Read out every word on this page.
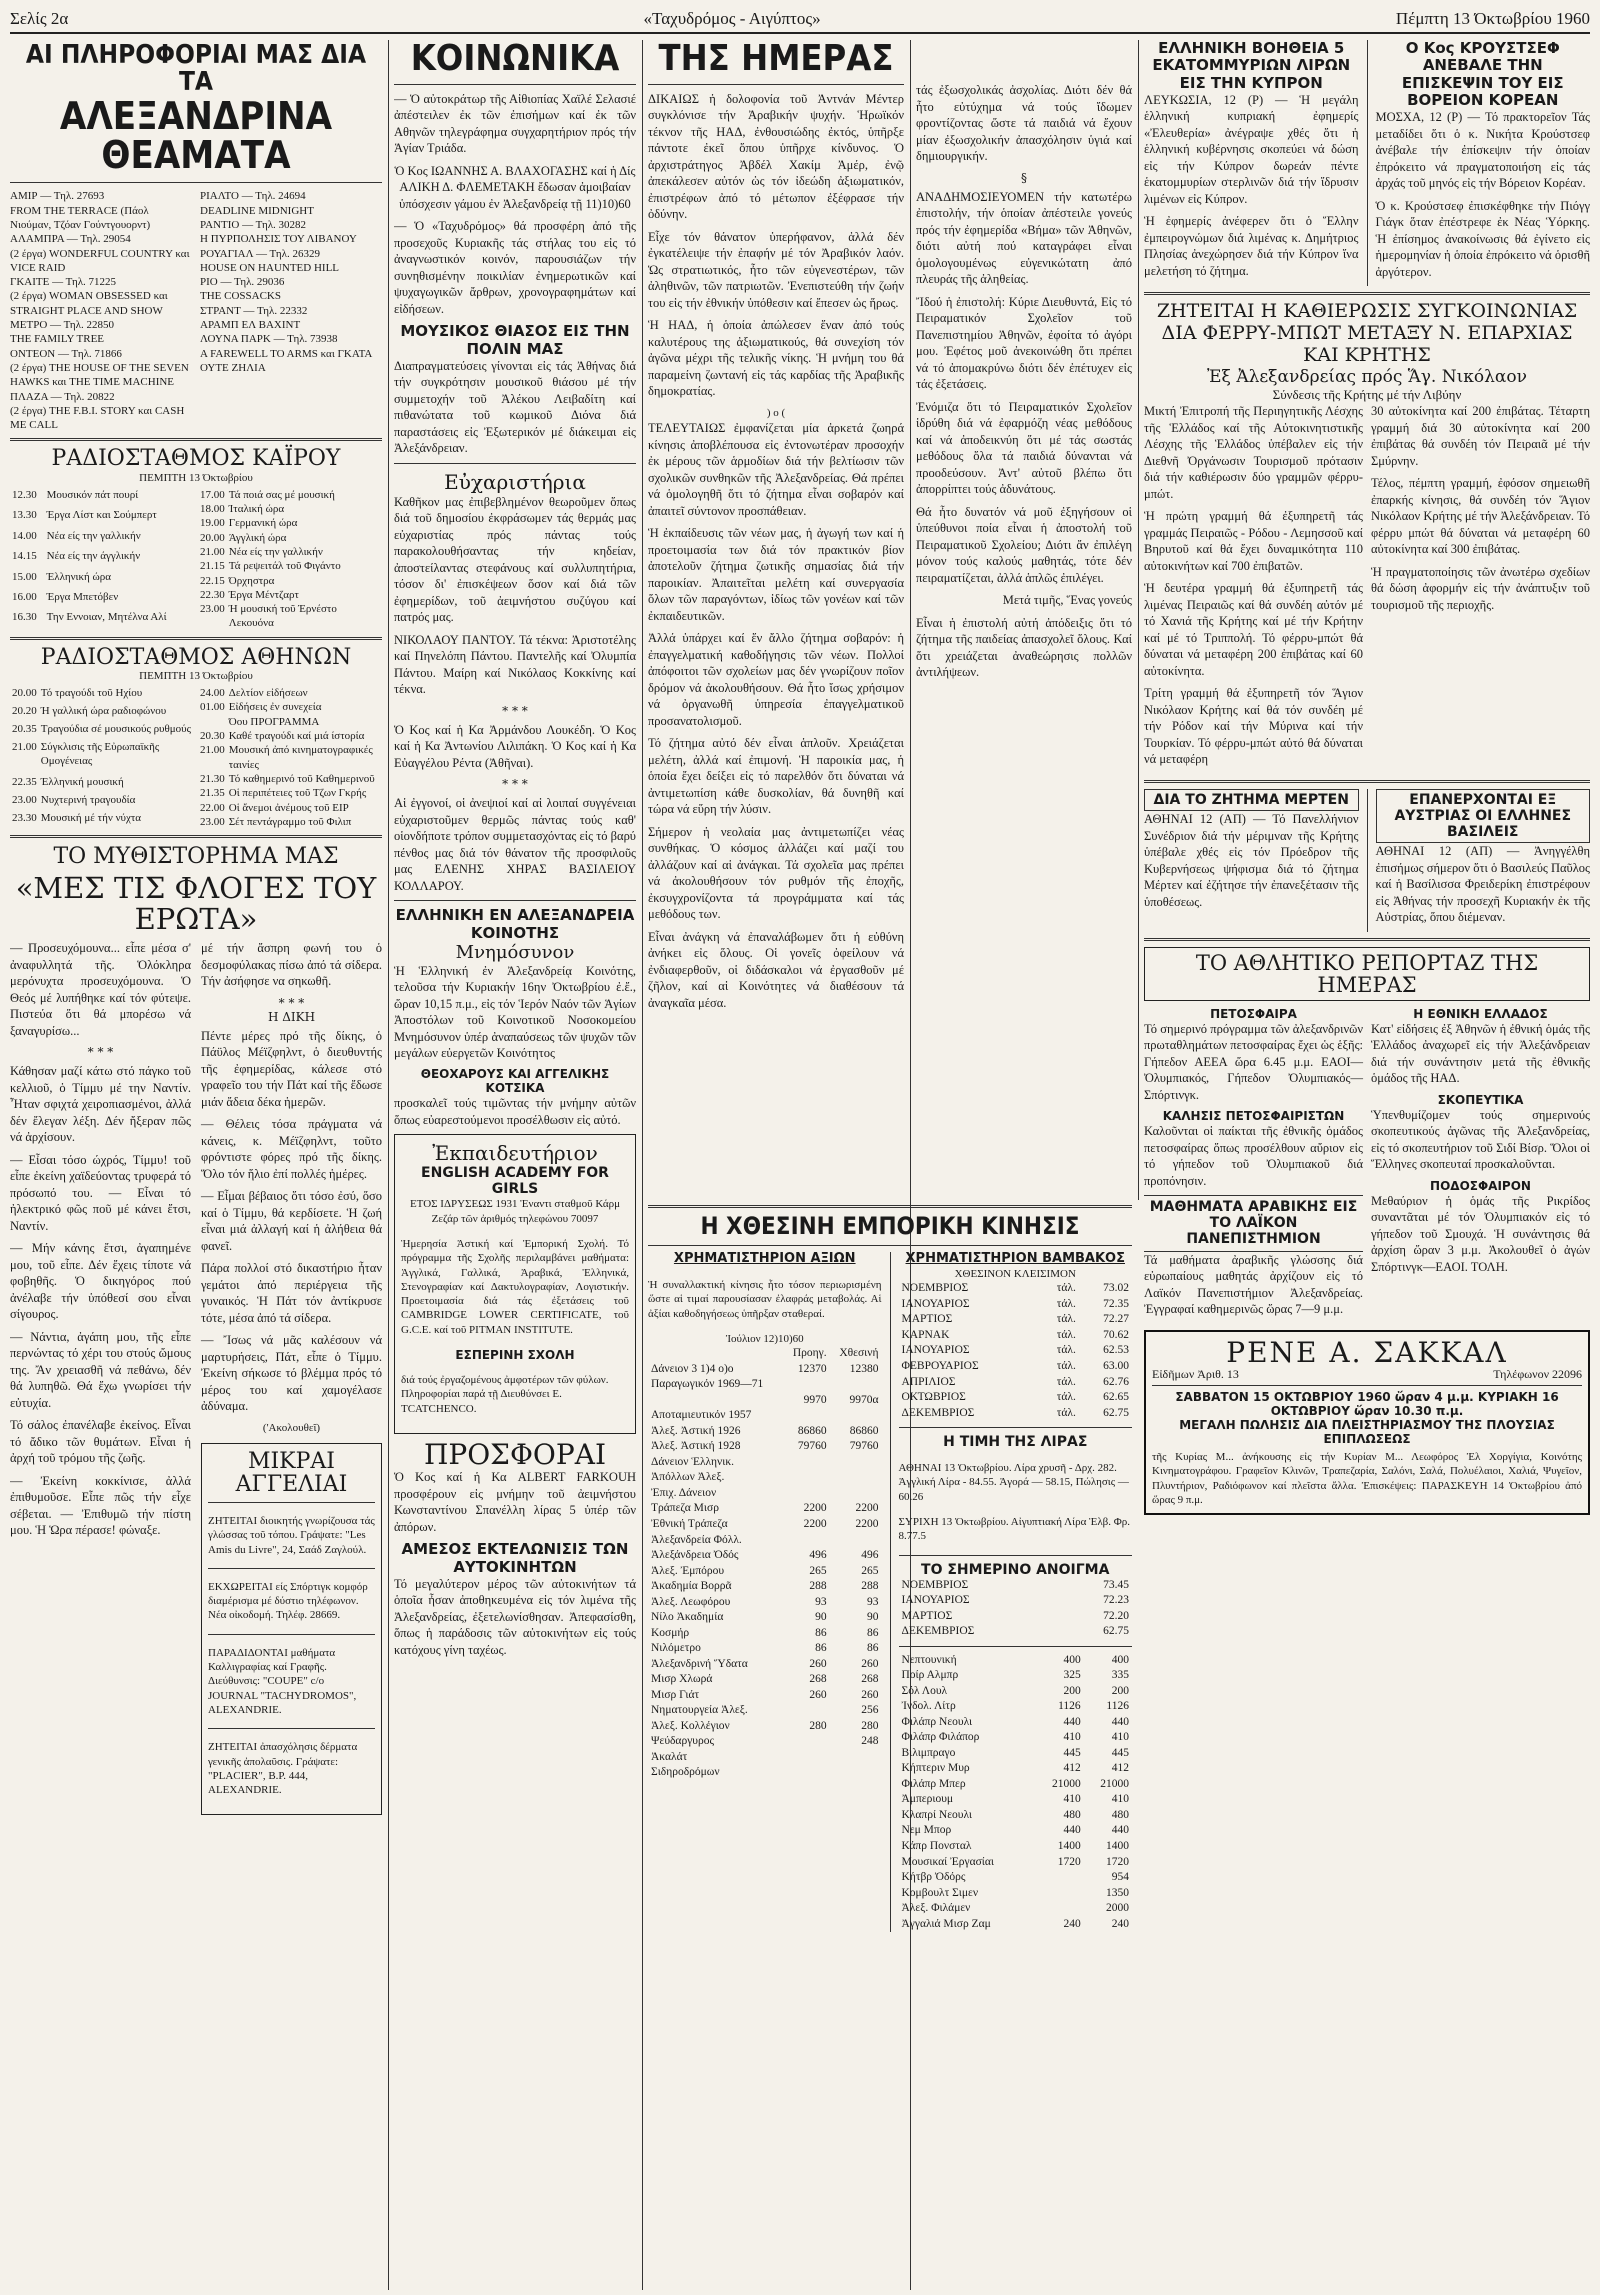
Σελίς 2α	«Ταχυδρόμος - Αιγύπτος»	Πέμπτη 13 Όκτωβρίου 1960
ΑΙ ΠΛΗΡΟΦΟΡΙΑΙ ΜΑΣ ΔΙΑ ΤΑ
ΑΛΕΞΑΝΔΡΙΝΑ ΘΕΑΜΑΤΑ
ΑΜΙΡ — Τηλ. 27693
FROM THE TERRACE (Πάολ Νιούμαν, Τζόαν Γούντγουορντ)
ΑΛΑΜΠΡΑ — Τηλ. 29054
(2 έργα) WONDERFUL COUNTRY και VICE RAID
ΓΚΑΙΤΕ — Τηλ. 71225
(2 έργα) WOMAN OBSESSED και STRAIGHT PLACE AND SHOW
ΜΕΤΡΟ — Τηλ. 22850
THE FAMILY TREE
ΟΝΤΕΟΝ — Τηλ. 71866
(2 έργα) THE HOUSE OF THE SEVEN HAWKS και THE TIME MACHINE
ΠΛΑΖΑ — Τηλ. 20822
(2 έργα) THE F.B.I. STORY και CASH ME CALL
ΡΙΑΛΤΟ — Τηλ. 24694
DEADLINE MIDNIGHT
ΡΑΝΤΙΟ — Τηλ. 30282
Η ΠΥΡΠΟΛΗΣΙΣ ΤΟΥ ΛΙΒΑΝΟΥ
ΡΟΥΑΓΙΑΛ — Τηλ. 26329
HOUSE ON HAUNTED HILL
ΡΙΟ — Τηλ. 29036
THE COSSACKS
ΣΤΡΑΝΤ — Τηλ. 22332
ΑΡΑΜΠ ΕΛ ΒΑΧΙΝΤ
ΛΟΥΝΑ ΠΑΡΚ — Τηλ. 73938
A FAREWELL TO ARMS και ΓΚΑΤΑ ΟΥΤΕ ΖΗΛΙΑ
ΡΑΔΙΟΣΤΑΘΜΟΣ ΚΑΪΡΟΥ
ΠΕΜΠΤΗ 13 Όκτωβρίου
12.30	Μουσικόν πάτ πουρί
13.30	Έργα Λίστ και Σούμπερτ
14.00	Νέα είς την γαλλικήν
14.15	Νέα είς την άγγλικήν
15.00	Έλληνική ώρα
16.00	Έργα Μπετόβεν
16.30	Την Εννοιαν, Μητέλνα Αλί
17.00	Τά ποιά σας μέ μουσική
18.00	Ίταλική ώρα
19.00	Γερμανική ώρα
20.00	Άγγλική ώρα
21.00	Νέα είς την γαλλικήν
21.15	Τά ρεψειτάλ τοῦ Φιγάντο
22.15	Όρχηστρα
22.30	Έργα Μέντζαρτ
23.00	Ή μουσική τοῦ Έρνέστο Λεκουόνα
ΡΑΔΙΟΣΤΑΘΜΟΣ ΑΘΗΝΩΝ
ΠΕΜΠΤΗ 13 Όκτωβρίου
20.00	Τό τραγούδι τοῦ Ηχίου
20.20	Ή γαλλική ώρα ραδιοφώνου
20.35	Τραγούδια σέ μουσικούς ρυθμούς
21.00	Σύγκλισις τῆς Εὐρωπαϊκῆς Ομογένειας
22.35	Έλληνική μουσική
23.00	Νυχτερινή τραγουδία
23.30	Μουσική μέ τήν νύχτα
24.00	Δελτίον εἰδήσεων
01.00	Εἰδήσεις ἐν συνεχεία
	Όου ΠΡΟΓΡΑΜΜΑ
20.30	Καθέ τραγούδι καί μιά ίστορία
21.00	Μουσική ἀπό κινηματογραφικές ταινίες
21.30	Τό καθημερινό τοῦ Καθημερινοῦ
21.35	Οἱ περιπέτειες τοῦ Τζων Γκρής
22.00	Οἱ ἄνεμοι ἀνέμους τοῦ ΕΙΡ
23.00	Σέτ πεντάγραμμο τοῦ Φιλιπ
ΤΟ ΜΥΘΙΣΤΟΡΗΜΑ ΜΑΣ
«ΜΕΣ ΤΙΣ ΦΛΟΓΕΣ ΤΟΥ ΕΡΩΤΑ»

— Προσευχόμουνα... εἶπε μέσα σ' ἀναφυλλητά τῆς. Ὁλόκληρα μερόνυχτα προσευχόμουνα. Ὁ Θεός μέ λυπήθηκε καί τόν φύτεψε. Πιστεύα ὅτι θά μπορέσω νά ξαναγυρίσω...

* * *

Κάθησαν μαζί κάτω στό πάγκο τοῦ κελλιοῦ, ὁ Τίμμυ μέ την Ναντίν. Ἦταν σφιχτά χειροπιασμένοι, ἀλλά δέν ἔλεγαν λέξη. Δέν ἤξεραν πῶς νά ἀρχίσουν.

— Εἶσαι τόσο ώχρός, Τίμμυ! τοῦ εἶπε ἐκείνη χαϊδεύοντας τρυφερά τό πρόσωπό του. — Εἶναι τό ἠλεκτρικό φῶς ποῦ μέ κάνει ἔτσι, Ναντίν.

— Μήν κάνης ἔτσι, ἀγαπημένε μου, τοῦ εἶπε. Δέν ἔχεις τίποτε νά φοβηθῆς. Ὁ δικηγόρος πού ἀνέλαβε τήν ὑπόθεσί σου εἶναι σίγουρος.

— Νάντια, ἀγάπη μου, τῆς εἶπε περνώντας τό χέρι του στούς ὤμους της. Ἄν χρειασθῆ νά πεθάνω, δέν θά λυπηθῶ. Θά ἔχω γνωρίσει τήν εὐτυχία.

Τό σάλος ἐπανέλαβε ἐκείνος. Εἶναι τό ἄδικο τῶν θυμάτων. Εἶναι ἡ ἀρχή τοῦ τρόμου τῆς ζωῆς.

— Ἐκείνη κοκκίνισε, ἀλλά ἐπιθυμοῦσε. Εἶπε πῶς τήν εἶχε σέβεται. — Ἐπιθυμῶ τήν πίστη μου. Ἡ Ὡρα πέρασε! φώναξε.

μέ τήν ἄσπρη φωνή του ὁ δεσμοφύλακας πίσω ἀπό τά σίδερα. Τήν ἀσήφησε να σηκωθῆ.

* * *
Η ΔΙΚΗ

Πέντε μέρες πρό τῆς δίκης, ὁ Πάϋλος Μέϊζφηλντ, ὁ διευθυντής τῆς ἐφημερίδας, κάλεσε στό γραφεῖο του τήν Πάτ καί τῆς ἔδωσε μιάν ἄδεια δέκα ἡμερῶν.

— Θέλεις τόσα πράγματα νά κάνεις, κ. Μέϊζφηλντ, τοῦτο φρόντιστε φόρες πρό τῆς δίκης. Ὅλο τόν ἥλιο ἐπί πολλές ἡμέρες.

— Εἶμαι βέβαιος ὅτι τόσο ἐσύ, ὅσο καί ὁ Τίμμυ, θά κερδίσετε. Ἡ ζωή εἶναι μιά ἀλλαγή καί ἡ ἀλήθεια θά φανεῖ.

Πάρα πολλοί στό δικαστήριο ἦταν γεμάτοι ἀπό περιέργεια τῆς γυναικός. Ἡ Πάτ τόν ἀντίκρυσε τότε, μέσα ἀπό τά σίδερα.

— Ἴσως νά μᾶς καλέσουν νά μαρτυρήσεις, Πάτ, εἶπε ὁ Τίμμυ. Ἐκείνη σήκωσε τό βλέμμα πρός τό μέρος του καί χαμογέλασε ἀδύναμα.

('Ακολουθεῖ)
ΜΙΚΡΑΙ ΑΓΓΕΛΙΑΙ

ΖΗΤΕΙΤΑΙ διοικητής γνωρίζουσα τάς γλώσσας τοῦ τόπου. Γράψατε: "Les Amis du Livre", 24, Σαάδ Ζαγλούλ.

ΕΚΧΩΡΕΙΤΑΙ είς Σπόρτιγκ κομφόρ διαμέρισμα μέ δύστιο τηλέφωνον. Νέα οἰκοδομή. Τηλέφ. 28669.

ΠΑΡΑΔΙΔΟΝΤΑΙ μαθήματα Καλλιγραφίας καί Γραφῆς. Διεύθυνσις: "COUPE" c/o JOURNAL "TACHYDROMOS", ALEXANDRIE.

ΖΗΤΕΙΤΑΙ ἀπασχόλησις δέρματα γενικῆς ἀπολαῦσις. Γράψατε: "PLACIER", B.P. 444, ALEXANDRIE.

ΚΟΙΝΩΝΙΚΑ

— Ὁ αὐτοκράτωρ τῆς Αἰθιοπίας Χαϊλέ Σελασιέ ἀπέστειλεν ἐκ τῶν ἐπισήμων καί ἐκ τῶν Αθηνῶν τηλεγράφημα συγχαρητήριον πρός τήν Ἁγίαν Τριάδα.

Ὁ Κος ΙΩΑΝΝΗΣ Α. ΒΛΑΧΟΓΑΣΗΣ καί ἡ Δίς ΑΛΙΚΗ Δ. ΦΛΕΜΕΤΑΚΗ ἔδωσαν ἀμοιβαίαν ὑπόσχεσιν γάμου ἐν Ἀλεξανδρείᾳ τῇ 11)10)60

— Ὁ «Ταχυδρόμος» θά προσφέρη ἀπό τῆς προσεχοῦς Κυριακῆς τάς στήλας του εἰς τό ἀναγνωστικόν κοινόν, παρουσιάζων τήν συνηθισμένην ποικιλίαν ἐνημερωτικῶν καί ψυχαγωγικῶν ἄρθρων, χρονογραφημάτων καί εἰδήσεων.

ΜΟΥΣΙΚΟΣ ΘΙΑΣΟΣ ΕΙΣ ΤΗΝ ΠΟΛΙΝ ΜΑΣ

Διαπραγματεύσεις γίνονται εἰς τάς Ἀθήνας διά τήν συγκρότησιν μουσικοῦ θιάσου μέ τήν συμμετοχήν τοῦ Ἀλέκου Λειβαδίτη καί πιθανώτατα τοῦ κωμικοῦ Διόνα διά παραστάσεις εἰς Ἐξωτερικόν μέ διάκειμαι εἰς Ἀλεξάνδρειαν.

Εὐχαριστήρια

Καθῆκον μας ἐπιβεβλημένον θεωροῦμεν ὅπως διά τοῦ δημοσίου ἐκφράσωμεν τάς θερμάς μας εὐχαριστίας πρός πάντας τούς παρακολουθήσαντας τήν κηδείαν, ἀποστείλαντας στεφάνους καί συλλυπητήρια, τόσον δι' ἐπισκέψεων ὅσον καί διά τῶν ἐφημερίδων, τοῦ ἀειμνήστου συζύγου καί πατρός μας.

ΝΙΚΟΛΑΟΥ ΠΑΝΤΟΥ. Τά τέκνα: Ἀριστοτέλης καί Πηνελόπη Πάντου. Παντελῆς καί Ὀλυμπία Πάντου. Μαίρη καί Νικόλαος Κοκκίνης καί τέκνα.

* * *

Ὁ Κος καί ἡ Κα Ἀρμάνδου Λουκέδη. Ὁ Κος καί ἡ Κα Ἀντωνίου Λιλιπάκη. Ὁ Κος καί ἡ Κα Εὐαγγέλου Ρέντα (Ἀθῆναι).

* * *

Αἱ ἐγγονοί, οἱ ἀνεψιοί καί αἱ λοιπαί συγγένειαι εὐχαριστοῦμεν θερμῶς πάντας τούς καθ' οἱονδήποτε τρόπον συμμετασχόντας εἰς τό βαρύ πένθος μας διά τόν θάνατον τῆς προσφιλοῦς μας ΕΛΕΝΗΣ ΧΗΡΑΣ ΒΑΣΙΛΕΙΟΥ ΚΟΛΛΑΡΟΥ.

ΕΛΛΗΝΙΚΗ ΕΝ ΑΛΕΞΑΝΔΡΕΙΑ ΚΟΙΝΟΤΗΣ
Μνημόσυνον

Ἡ Ἑλληνική ἐν Ἀλεξανδρείᾳ Κοινότης, τελοῦσα τήν Κυριακήν 16ην Ὀκτωβρίου ἐ.ἔ., ὥραν 10,15 π.μ., εἰς τόν Ἱερόν Ναόν τῶν Ἁγίων Ἀποστόλων τοῦ Κοινοτικοῦ Νοσοκομείου Μνημόσυνον ὑπέρ ἀναπαύσεως τῶν ψυχῶν τῶν μεγάλων εὐεργετῶν Κοινότητος

ΘΕΟΧΑΡΟΥΣ ΚΑΙ ΑΓΓΕΛΙΚΗΣ ΚΟΤΣΙΚΑ

προσκαλεῖ τούς τιμῶντας τήν μνήμην αὐτῶν ὅπως εὐαρεστούμενοι προσέλθωσιν εἰς αὐτό.

Ἐκπαιδευτήριον
ENGLISH ACADEMY FOR GIRLS
ΕΤΟΣ ΙΔΡΥΣΕΩΣ 1931 Ἐναντι σταθμοῦ Κάρμ Ζεζάρ τῶν ἀριθμός τηλεφώνου 70097

Ἡμερησία Ἀστική καί Ἐμπορική Σχολή. Τό πρόγραμμα τῆς Σχολῆς περιλαμβάνει μαθήματα: Ἀγγλικά, Γαλλικά, Ἀραβικά, Ἑλληνικά, Στενογραφίαν καί Δακτυλογραφίαν, Λογιστικήν. Προετοιμασία διά τάς ἐξετάσεις τοῦ CAMBRIDGE LOWER CERTIFICATE, τοῦ G.C.E. καί τοῦ PITMAN INSTITUTE.

ΕΣΠΕΡΙΝΗ ΣΧΟΛΗ

διά τούς ἐργαζομένους ἀμφοτέρων τῶν φύλων. Πληροφορίαι παρά τῇ Διευθύνσει Ε. TCATCHENCO.

ΠΡΟΣΦΟΡΑΙ

Ὁ Κος καί ἡ Κα ALBERT FARKOUH προσφέρουν εἰς μνήμην τοῦ ἀειμνήστου Κωνσταντίνου Σπανέλλη λίρας 5 ὑπέρ τῶν ἀπόρων.

ΑΜΕΣΟΣ ΕΚΤΕΛΩΝΙΣΙΣ ΤΩΝ ΑΥΤΟΚΙΝΗΤΩΝ

Τό μεγαλύτερον μέρος τῶν αὐτοκινήτων τά ὁποῖα ἦσαν ἀποθηκευμένα εἰς τόν λιμένα τῆς Ἀλεξανδρείας, ἐξετελωνίσθησαν. Ἀπεφασίσθη, ὅπως ἡ παράδοσις τῶν αὐτοκινήτων εἰς τούς κατόχους γίνη ταχέως.

ΤΗΣ ΗΜΕΡΑΣ

ΔΙΚΑΙΩΣ ἡ δολοφονία τοῦ Ἀντνάν Μέντερ συγκλόνισε τήν Ἀραβικήν ψυχήν. Ἡρωϊκόν τέκνον τῆς ΗΑΔ, ἐνθουσιώδης ἐκτός, ὑπῆρξε πάντοτε ἐκεῖ ὅπου ὑπῆρχε κίνδυνος. Ὁ ἀρχιστράτηγος Ἀβδέλ Χακίμ Ἀμέρ, ἐνῷ ἀπεκάλεσεν αὐτόν ὡς τόν ἰδεώδη ἀξιωματικόν, ἐπιστρέφων ἀπό τό μέτωπον ἐξέφρασε τήν ὀδύνην.

Εἶχε τόν θάνατον ὑπερήφανον, ἀλλά δέν ἐγκατέλειψε τήν ἐπαφήν μέ τόν Ἀραβικόν λαόν. Ὡς στρατιωτικός, ἦτο τῶν εὐγενεστέρων, τῶν ἀληθινῶν, τῶν πατριωτῶν. Ἐνεπιστεύθη τήν ζωήν του εἰς τήν ἐθνικήν ὑπόθεσιν καί ἔπεσεν ὡς ἥρως.

Ἡ ΗΑΔ, ἡ ὁποία ἀπώλεσεν ἕναν ἀπό τούς καλυτέρους της ἀξιωματικούς, θά συνεχίση τόν ἀγῶνα μέχρι τῆς τελικῆς νίκης. Ἡ μνήμη του θά παραμείνη ζωντανή εἰς τάς καρδίας τῆς Ἀραβικῆς δημοκρατίας.

) ο (

ΤΕΛΕΥΤΑΙΩΣ ἐμφανίζεται μία ἀρκετά ζωηρά κίνησις ἀποβλέπουσα εἰς ἐντονωτέραν προσοχήν ἐκ μέρους τῶν ἁρμοδίων διά τήν βελτίωσιν τῶν σχολικῶν συνθηκῶν τῆς Ἀλεξανδρείας. Θά πρέπει νά ὁμολογηθῆ ὅτι τό ζήτημα εἶναι σοβαρόν καί ἀπαιτεῖ σύντονον προσπάθειαν.

Ἡ ἐκπαίδευσις τῶν νέων μας, ἡ ἀγωγή των καί ἡ προετοιμασία των διά τόν πρακτικόν βίον ἀποτελοῦν ζήτημα ζωτικῆς σημασίας διά τήν παροικίαν. Ἀπαιτεῖται μελέτη καί συνεργασία ὅλων τῶν παραγόντων, ἰδίως τῶν γονέων καί τῶν ἐκπαιδευτικῶν.

Ἀλλά ὑπάρχει καί ἕν ἄλλο ζήτημα σοβαρόν: ἡ ἐπαγγελματική καθοδήγησις τῶν νέων. Πολλοί ἀπόφοιτοι τῶν σχολείων μας δέν γνωρίζουν ποῖον δρόμον νά ἀκολουθήσουν. Θά ἦτο ἴσως χρήσιμον νά ὀργανωθῆ ὑπηρεσία ἐπαγγελματικοῦ προσανατολισμοῦ.

Τό ζήτημα αὐτό δέν εἶναι ἁπλοῦν. Χρειάζεται μελέτη, ἀλλά καί ἐπιμονή. Ἡ παροικία μας, ἡ ὁποία ἔχει δείξει εἰς τό παρελθόν ὅτι δύναται νά ἀντιμετωπίση κάθε δυσκολίαν, θά δυνηθῆ καί τώρα νά εὕρη τήν λύσιν.

Σήμερον ἡ νεολαία μας ἀντιμετωπίζει νέας συνθήκας. Ὁ κόσμος ἀλλάζει καί μαζί του ἀλλάζουν καί αἱ ἀνάγκαι. Τά σχολεῖα μας πρέπει νά ἀκολουθήσουν τόν ρυθμόν τῆς ἐποχῆς, ἐκσυγχρονίζοντα τά προγράμματα καί τάς μεθόδους των.

Εἶναι ἀνάγκη νά ἐπαναλάβωμεν ὅτι ἡ εὐθύνη ἀνήκει εἰς ὅλους. Οἱ γονεῖς ὀφείλουν νά ἐνδιαφερθοῦν, οἱ διδάσκαλοι νά ἐργασθοῦν μέ ζῆλον, καί αἱ Κοινότητες νά διαθέσουν τά ἀναγκαῖα μέσα.

τάς ἐξωσχολικάς ἀσχολίας. Διότι δέν θά ἦτο εὐτύχημα νά τούς ἴδωμεν φροντίζοντας ὥστε τά παιδιά νά ἔχουν μίαν ἐξωσχολικήν ἀπασχόλησιν ὑγιά καί δημιουργικήν.

§

ΑΝΑΔΗΜΟΣΙΕΥΟΜΕΝ τήν κατωτέρω ἐπιστολήν, τήν ὁποίαν ἀπέστειλε γονεύς πρός τήν ἐφημερίδα «Βήμα» τῶν Ἀθηνῶν, διότι αὐτή πού καταγράφει εἶναι ὁμολογουμένως εὐγενικώτατη ἀπό πλευράς τῆς ἀληθείας.

Ἴδού ἡ ἐπιστολή: Κύριε Διευθυντά, Εἰς τό Πειραματικόν Σχολεῖον τοῦ Πανεπιστημίου Ἀθηνῶν, ἐφοίτα τό ἀγόρι μου. Ἐφέτος μοῦ ἀνεκοινώθη ὅτι πρέπει νά τό ἀπομακρύνω διότι δέν ἐπέτυχεν εἰς τάς ἐξετάσεις.

Ἐνόμιζα ὅτι τό Πειραματικόν Σχολεῖον ἱδρύθη διά νά ἐφαρμόζη νέας μεθόδους καί νά ἀποδεικνύη ὅτι μέ τάς σωστάς μεθόδους ὅλα τά παιδιά δύνανται νά προοδεύσουν. Ἀντ' αὐτοῦ βλέπω ὅτι ἀπορρίπτει τούς ἀδυνάτους.

Θά ἦτο δυνατόν νά μοῦ ἐξηγήσουν οἱ ὑπεύθυνοι ποία εἶναι ἡ ἀποστολή τοῦ Πειραματικοῦ Σχολείου; Διότι ἄν ἐπιλέγη μόνον τούς καλούς μαθητάς, τότε δέν πειραματίζεται, ἀλλά ἁπλῶς ἐπιλέγει.

Μετά τιμῆς, Ἕνας γονεύς

Εἶναι ἡ ἐπιστολή αὐτή ἀπόδειξις ὅτι τό ζήτημα τῆς παιδείας ἀπασχολεῖ ὅλους. Καί ὅτι χρειάζεται ἀναθεώρησις πολλῶν ἀντιλήψεων.

Η ΧΘΕΣΙΝΗ ΕΜΠΟΡΙΚΗ ΚΙΝΗΣΙΣ
ΧΡΗΜΑΤΙΣΤΗΡΙΟΝ ΑΞΙΩΝ

Ἡ συναλλακτική κίνησις ἦτο τόσον περιωρισμένη ὥστε αἱ τιμαί παρουσίασαν ἐλαφράς μεταβολάς. Αἱ ἀξίαι καθοδηγήσεως ὑπῆρξαν σταθεραί.

Ἰούλιον 12)10)60
	Προηγ.	Χθεσινή
Δάνειον 3 1)4 ο)ο	12370	12380
Παραγωγικόν 1969—71		
	9970	9970α
Αποταμιευτικόν 1957		
Ἀλεξ. Ἀστική 1926	86860	86860
Ἀλεξ. Ἀστική 1928	79760	79760
Δάνειον Ἑλληνικ.		
Ἀπόλλων Ἀλεξ.		
Ἐπιχ. Δάνειον		
Τράπεζα Μισρ	2200	2200
Ἐθνική Τράπεζα	2200	2200
Ἀλεξανδρεία Φόλλ.		
Ἀλεξάνδρεια Ὀδός	496	496
Ἀλεξ. Ἐμπόρου	265	265
Ἀκαδημία Βορρᾶ	288	288
Ἀλεξ. Λεωφόρου	93	93
Νίλο Ἀκαδημία	90	90
Κοσμήρ	86	86
Νιλόμετρο	86	86
Ἀλεξανδρινή Ὕδατα	260	260
Μισρ Χλωρά	268	268
Μισρ Γιάτ	260	260
Νηματουργεία Ἀλεξ.		256
Ἀλεξ. Κολλέγιον	280	280
Ψεύδαργυρος		248
Ἀκαλάτ		
Σιδηροδρόμων		
ΧΡΗΜΑΤΙΣΤΗΡΙΟΝ ΒΑΜΒΑΚΟΣ
ΧΘΕΣΙΝΟΝ ΚΛΕΙΣΙΜΟΝ
ΝΟΕΜΒΡΙΟΣ	τάλ.	73.02
ΙΑΝΟΥΑΡΙΟΣ	τάλ.	72.35
ΜΑΡΤΙΟΣ	τάλ.	72.27
ΚΑΡΝΑΚ	τάλ.	70.62
ΙΑΝΟΥΑΡΙΟΣ	τάλ.	62.53
ΦΕΒΡΟΥΑΡΙΟΣ	τάλ.	63.00
ΑΠΡΙΛΙΟΣ	τάλ.	62.76
ΟΚΤΩΒΡΙΟΣ	τάλ.	62.65
ΔΕΚΕΜΒΡΙΟΣ	τάλ.	62.75
Η ΤΙΜΗ ΤΗΣ ΛΙΡΑΣ

ΑΘΗΝΑΙ 13 Ὀκτωβρίου. Λίρα χρυσῆ - Δρχ. 282. Ἀγγλική Λίρα - 84.55. Ἀγορά — 58.15, Πώλησις — 60.26

ΣΥΡΙΧΗ 13 Ὀκτωβρίου. Αἰγυπτιακή Λίρα Ἑλβ. Φρ. 8.77.5

ΤΟ ΣΗΜΕΡΙΝΟ ΑΝΟΙΓΜΑ
ΝΟΕΜΒΡΙΟΣ	73.45
ΙΑΝΟΥΑΡΙΟΣ	72.23
ΜΑΡΤΙΟΣ	72.20
ΔΕΚΕΜΒΡΙΟΣ	62.75
Νεπτουνική	400	400
Ποίρ Αλμπρ	325	335
Σόλ Λουλ	200	200
Ἰνδολ. Λίτρ	1126	1126
Φιλάπρ Νεουλι	440	440
Φιλάπρ Φιλάπορ	410	410
Βιλιμπραγο	445	445
Κήπτεριν Μυρ	412	412
Φιλάπρ Μπερ	21000	21000
Ἀμπεριουμ	410	410
Κλαπρί Νεουλι	480	480
Νεμ Μπορ	440	440
Κάπρ Πονσταλ	1400	1400
Μουσικαί Ἐργασίαι	1720	1720
Κήτβρ Ὀδόρς		954
Κομβουλτ Σιμεν		1350
Ἀλεξ. Φιλάμεν		2000
Ἀγγαλιά Μισρ Ζαμ	240	240
ΕΛΛΗΝΙΚΗ ΒΟΗΘΕΙΑ 5 ΕΚΑΤΟΜΜΥΡΙΩΝ ΛΙΡΩΝ ΕΙΣ ΤΗΝ ΚΥΠΡΟΝ

ΛΕΥΚΩΣΙΑ, 12 (Ρ) — Ἡ μεγάλη ἑλληνική κυπριακή ἐφημερίς «Ἐλευθερία» ἀνέγραψε χθές ὅτι ἡ ἑλληνική κυβέρνησις σκοπεύει νά δώση εἰς τήν Κύπρον δωρεάν πέντε ἑκατομμυρίων στερλινῶν διά τήν ἵδρυσιν λιμένων εἰς Κύπρον.

Ἡ ἐφημερίς ἀνέφερεν ὅτι ὁ Ἕλλην ἐμπειρογνώμων διά λιμένας κ. Δημήτριος Πλησίας ἀνεχώρησεν διά τήν Κύπρον ἵνα μελετήση τό ζήτημα.

Ο Κος ΚΡΟΥΣΤΣΕΦ ΑΝΕΒΑΛΕ ΤΗΝ ΕΠΙΣΚΕΨΙΝ ΤΟΥ ΕΙΣ ΒΟΡΕΙΟΝ ΚΟΡΕΑΝ

ΜΟΣΧΑ, 12 (Ρ) — Τό πρακτορεῖον Τάς μεταδίδει ὅτι ὁ κ. Νικήτα Κρούστσεφ ἀνέβαλε τήν ἐπίσκεψιν τήν ὁποίαν ἐπρόκειτο νά πραγματοποιήση εἰς τάς ἀρχάς τοῦ μηνός εἰς τήν Βόρειον Κορέαν.

Ὁ κ. Κρούστσεφ ἐπισκέφθηκε τήν Πιόγγ Γιάγκ ὅταν ἐπέστρεφε ἐκ Νέας Ὑόρκης. Ἡ ἐπίσημος ἀνακοίνωσις θά ἐγίνετο εἰς ἡμερομηνίαν ἡ ὁποία ἐπρόκειτο νά ὁρισθῆ ἀργότερον.

ΖΗΤΕΙΤΑΙ Η ΚΑΘΙΕΡΩΣΙΣ ΣΥΓΚΟΙΝΩΝΙΑΣ ΔΙΑ ΦΕΡΡΥ-ΜΠΩΤ ΜΕΤΑΞΥ Ν. ΕΠΑΡΧΙΑΣ ΚΑΙ ΚΡΗΤΗΣ
Ἐξ Ἀλεξανδρείας πρός Ἅγ. Νικόλαον
Σύνδεσις τῆς Κρήτης μέ τήν Λιβύην

Μικτή Ἐπιτροπή τῆς Περιηγητικῆς Λέσχης τῆς Ἑλλάδος καί τῆς Αὐτοκινητιστικῆς Λέσχης τῆς Ἑλλάδος ὑπέβαλεν εἰς τήν Διεθνῆ Ὀργάνωσιν Τουρισμοῦ πρότασιν διά τήν καθιέρωσιν δύο γραμμῶν φέρρυ-μπώτ.

Ἡ πρώτη γραμμή θά ἐξυπηρετῆ τάς γραμμάς Πειραιῶς - Ρόδου - Λεμησσοῦ καί Βηρυτοῦ καί θά ἔχει δυναμικότητα 110 αὐτοκινήτων καί 700 ἐπιβατῶν.

Ἡ δευτέρα γραμμή θά ἐξυπηρετῆ τάς λιμένας Πειραιῶς καί θά συνδέη αὐτόν μέ τό Χανιά τῆς Κρήτης καί μέ τήν Κρήτην καί μέ τό Τριππολή. Τό φέρρυ-μπώτ θά δύναται νά μεταφέρη 200 ἐπιβάτας καί 60 αὐτοκίνητα.

Τρίτη γραμμή θά ἐξυπηρετῆ τόν Ἅγιον Νικόλαον Κρήτης καί θά τόν συνδέη μέ τήν Ρόδον καί τήν Μύρινα καί τήν Τουρκίαν. Τό φέρρυ-μπώτ αὐτό θά δύναται νά μεταφέρη

30 αὐτοκίνητα καί 200 ἐπιβάτας. Τέταρτη γραμμή διά 30 αὐτοκίνητα καί 200 ἐπιβάτας θά συνδέη τόν Πειραιᾶ μέ τήν Σμύρνην.

Τέλος, πέμπτη γραμμή, ἐφόσον σημειωθῆ ἐπαρκής κίνησις, θά συνδέη τόν Ἅγιον Νικόλαον Κρήτης μέ τήν Ἀλεξάνδρειαν. Τό φέρρυ μπώτ θά δύναται νά μεταφέρη 60 αὐτοκίνητα καί 300 ἐπιβάτας.

Ἡ πραγματοποίησις τῶν ἀνωτέρω σχεδίων θά δώση ἀφορμήν εἰς τήν ἀνάπτυξιν τοῦ τουρισμοῦ τῆς περιοχῆς.

ΔΙΑ ΤΟ ΖΗΤΗΜΑ ΜΕΡΤΕΝ

ΑΘΗΝΑΙ 12 (ΑΠ) — Τό Πανελλήνιον Συνέδριον διά τήν μέριμναν τῆς Κρήτης ὑπέβαλε χθές εἰς τόν Πρόεδρον τῆς Κυβερνήσεως ψήφισμα διά τό ζήτημα Μέρτεν καί ἐζήτησε τήν ἐπανεξέτασιν τῆς ὑποθέσεως.

ΕΠΑΝΕΡΧΟΝΤΑΙ ΕΞ ΑΥΣΤΡΙΑΣ ΟΙ ΕΛΛΗΝΕΣ ΒΑΣΙΛΕΙΣ

ΑΘΗΝΑΙ 12 (ΑΠ) — Ἀνηγγέλθη ἐπισήμως σήμερον ὅτι ὁ Βασιλεύς Παῦλος καί ἡ Βασίλισσα Φρειδερίκη ἐπιστρέφουν εἰς Ἀθήνας τήν προσεχῆ Κυριακήν ἐκ τῆς Αὐστρίας, ὅπου διέμεναν.

ΤΟ ΑΘΛΗΤΙΚΟ ΡΕΠΟΡΤΑΖ ΤΗΣ ΗΜΕΡΑΣ
ΠΕΤΟΣΦΑΙΡΑ

Τό σημερινό πρόγραμμα τῶν ἀλεξανδρινῶν πρωταθλημάτων πετοσφαίρας ἔχει ὡς ἑξῆς: Γήπεδον ΑΕΕΑ ὥρα 6.45 μ.μ. ΕΑΟΙ—Ὀλυμπιακός, Γήπεδον Ὀλυμπιακός—Σπόρτινγκ.

ΚΑΛΗΣΙΣ ΠΕΤΟΣΦΑΙΡΙΣΤΩΝ

Καλοῦνται οἱ παίκται τῆς ἐθνικῆς ὁμάδος πετοσφαίρας ὅπως προσέλθουν αὔριον εἰς τό γήπεδον τοῦ Ὀλυμπιακοῦ διά προπόνησιν.

ΜΑΘΗΜΑΤΑ ΑΡΑΒΙΚΗΣ ΕΙΣ ΤΟ ΛΑΪΚΟΝ ΠΑΝΕΠΙΣΤΗΜΙΟΝ

Τά μαθήματα ἀραβικῆς γλώσσης διά εὐρωπαίους μαθητάς ἀρχίζουν εἰς τό Λαϊκόν Πανεπιστήμιον Ἀλεξανδρείας. Ἐγγραφαί καθημερινῶς ὥρας 7—9 μ.μ.

Η ΕΘΝΙΚΗ ΕΛΛΑΔΟΣ

Κατ' εἰδήσεις ἐξ Ἀθηνῶν ἡ ἐθνική ὁμάς τῆς Ἑλλάδος ἀναχωρεῖ εἰς τήν Ἀλεξάνδρειαν διά τήν συνάντησιν μετά τῆς ἐθνικῆς ὁμάδος τῆς ΗΑΔ.

ΣΚΟΠΕΥΤΙΚΑ

Ὑπενθυμίζομεν τούς σημερινούς σκοπευτικούς ἀγῶνας τῆς Ἀλεξανδρείας, εἰς τό σκοπευτήριον τοῦ Σιδί Βίσρ. Ὅλοι οἱ Ἕλληνες σκοπευταί προσκαλοῦνται.

ΠΟΔΟΣΦΑΙΡΟΝ

Μεθαύριον ἡ ὁμάς τῆς Ρικρίδος συναντᾶται μέ τόν Ὀλυμπιακόν εἰς τό γήπεδον τοῦ Σμουχά. Ἡ συνάντησις θά ἀρχίση ὥραν 3 μ.μ. Ἀκολουθεῖ ὁ ἀγών Σπόρτινγκ—ΕΑΟΙ. ΤΟΛΗ.

ΡΕΝΕ Α. ΣΑΚΚΑΛ
Εἰδῆμων Ἀριθ. 13	Τηλέφωνον 22096
ΣΑΒΒΑΤΟΝ 15 ΟΚΤΩΒΡΙΟΥ 1960 ὥραν 4 μ.μ. ΚΥΡΙΑΚΗ 16 ΟΚΤΩΒΡΙΟΥ ὥραν 10.30 π.μ.
ΜΕΓΑΛΗ ΠΩΛΗΣΙΣ ΔΙΑ ΠΛΕΙΣΤΗΡΙΑΣΜΟΥ ΤΗΣ ΠΛΟΥΣΙΑΣ ΕΠΙΠΛΩΣΕΩΣ

τῆς Κυρίας Μ... ἀνήκουσης εἰς τήν Κυρίαν Μ... Λεωφόρος Ἐλ Χοργίγια, Κοινότης Κινηματογράφου. Γραφεῖον Κλινῶν, Τραπεζαρία, Σαλόνι, Σαλά, Πολυέλαιοι, Χαλιά, Ψυγεῖον, Πλυντήριον, Ραδιόφωνον καί πλεῖστα ἄλλα. Ἐπισκέψεις: ΠΑΡΑΣΚΕΥΗ 14 Ὀκτωβρίου ἀπό ὥρας 9 π.μ.
